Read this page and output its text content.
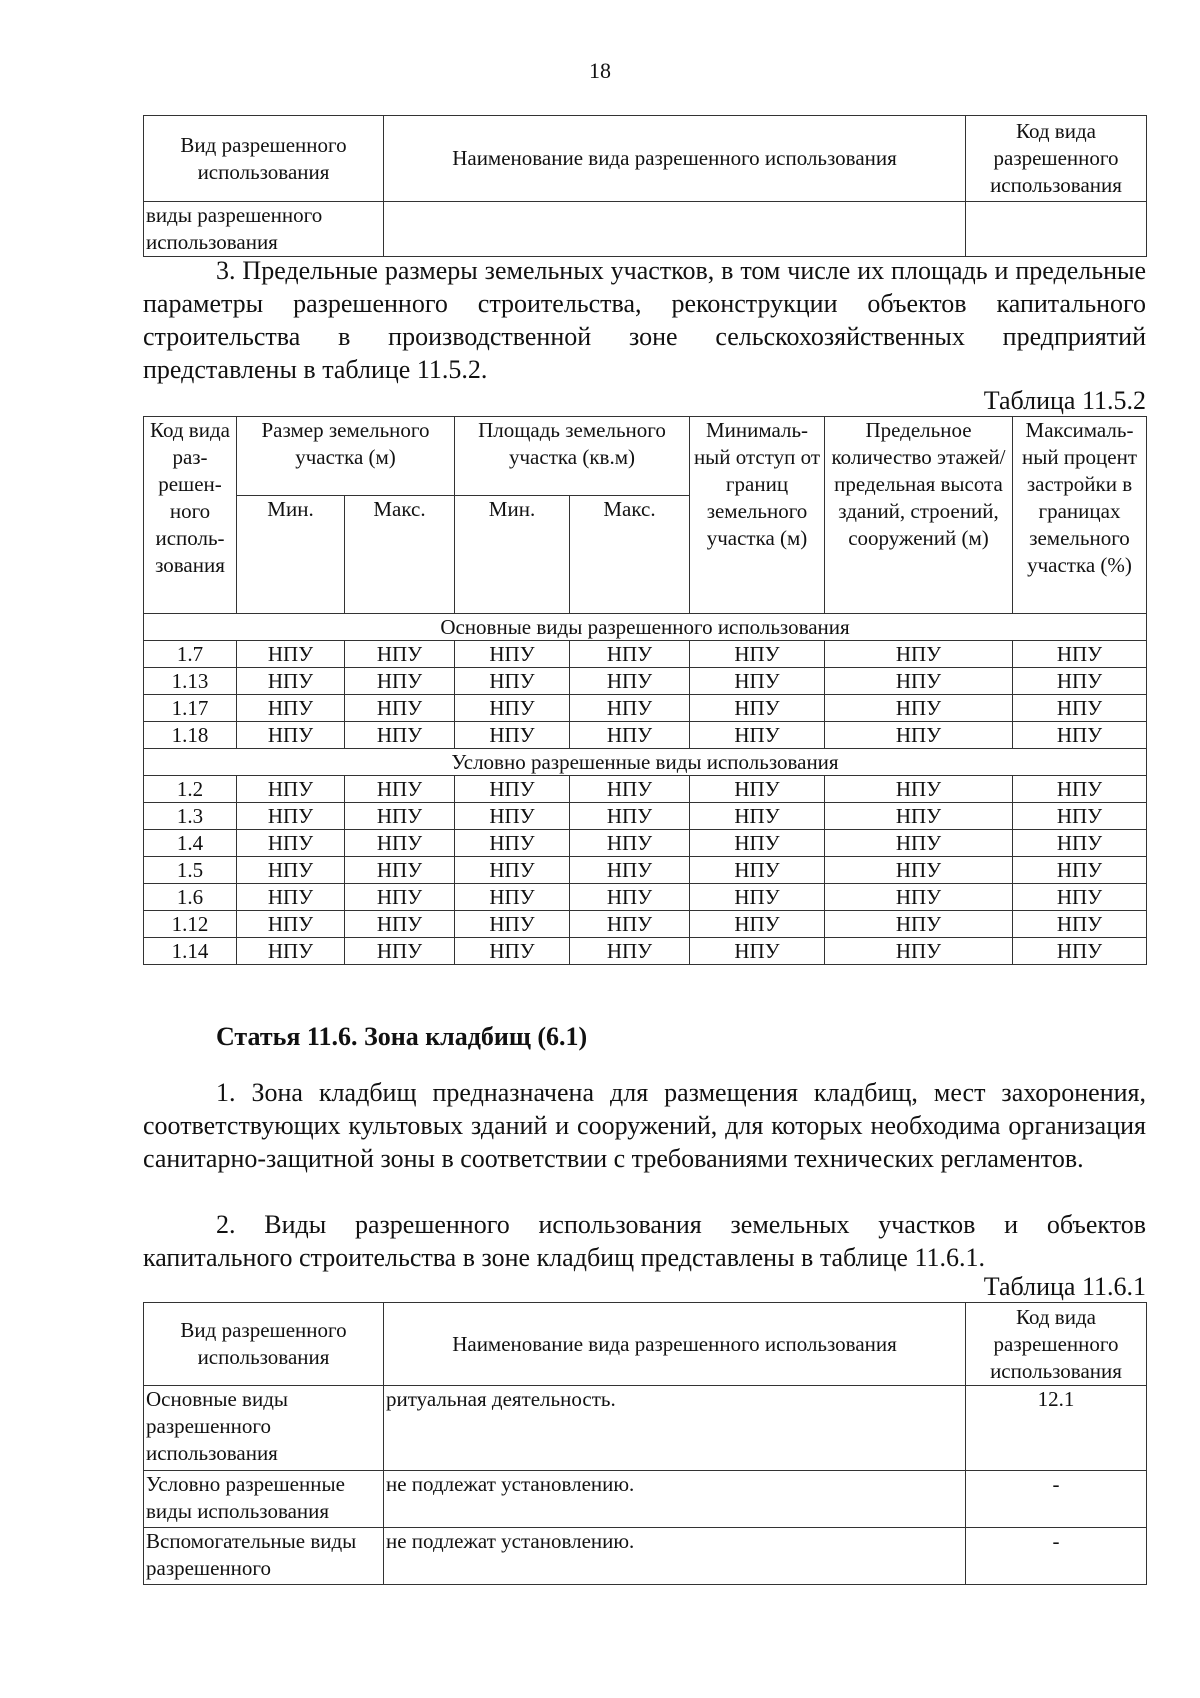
18
Вид разрешенного использования	Наименование вида разрешенного использования	Код вида разрешенного использования
виды разрешенного использования		
3. Предельные размеры земельных участков, в том числе их площадь и предельные параметры разрешенного строительства, реконструкции объектов капитального строительства в производственной зоне сельскохозяйственных предприятий представлены в таблице 11.5.2.
Таблица 11.5.2
Код вида раз- решен- ного исполь- зования	Размер земельного участка (м)		Площадь земельного участка (кв.м)		Минималь- ный отступ от границ земельного участка (м)	Предельное количество этажей/ предельная высота зданий, строений, сооружений (м)	Максималь- ный процент застройки в границах земельного участка (%)
	Мин.	Макс.	Мин.	Макс.			
Основные виды разрешенного использования							
1.7	НПУ	НПУ	НПУ	НПУ	НПУ	НПУ	НПУ
1.13	НПУ	НПУ	НПУ	НПУ	НПУ	НПУ	НПУ
1.17	НПУ	НПУ	НПУ	НПУ	НПУ	НПУ	НПУ
1.18	НПУ	НПУ	НПУ	НПУ	НПУ	НПУ	НПУ
Условно разрешенные виды использования							
1.2	НПУ	НПУ	НПУ	НПУ	НПУ	НПУ	НПУ
1.3	НПУ	НПУ	НПУ	НПУ	НПУ	НПУ	НПУ
1.4	НПУ	НПУ	НПУ	НПУ	НПУ	НПУ	НПУ
1.5	НПУ	НПУ	НПУ	НПУ	НПУ	НПУ	НПУ
1.6	НПУ	НПУ	НПУ	НПУ	НПУ	НПУ	НПУ
1.12	НПУ	НПУ	НПУ	НПУ	НПУ	НПУ	НПУ
1.14	НПУ	НПУ	НПУ	НПУ	НПУ	НПУ	НПУ
Статья 11.6. Зона кладбищ (6.1)
1. Зона кладбищ предназначена для размещения кладбищ, мест захоронения, соответствующих культовых зданий и сооружений, для которых необходима организация санитарно-защитной зоны в соответствии с требованиями технических регламентов.
2. Виды разрешенного использования земельных участков и объектов капитального строительства в зоне кладбищ представлены в таблице 11.6.1.
Таблица 11.6.1
Вид разрешенного использования	Наименование вида разрешенного использования	Код вида разрешенного использования
Основные виды разрешенного использования	ритуальная деятельность.	12.1
Условно разрешенные виды использования	не подлежат установлению.	-
Вспомогательные виды разрешенного	не подлежат установлению.	-
